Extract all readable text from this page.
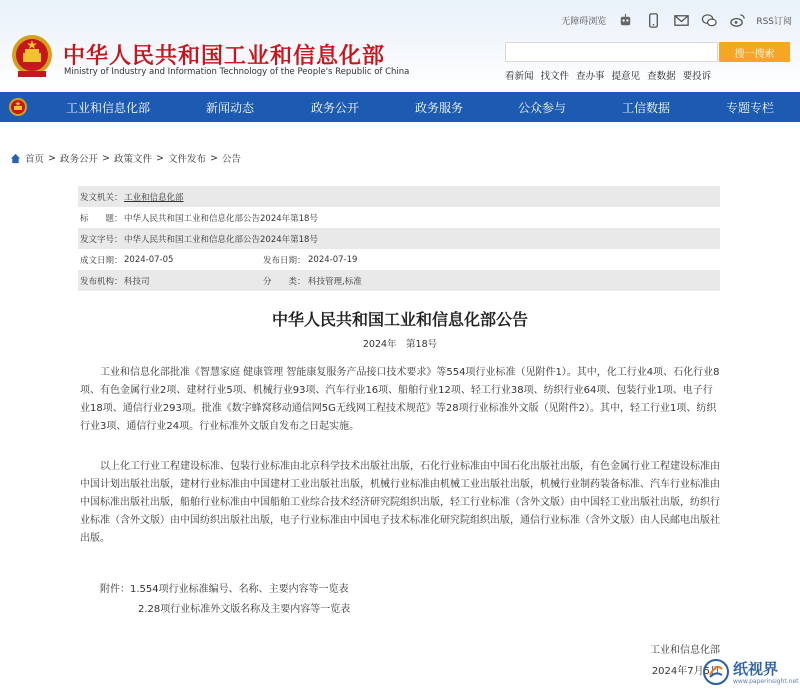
中华人民共和国工业和信息化部
Ministry of Industry and Information Technology of the People's Republic of China
无障碍浏览	RSS订阅
搜一搜索
看新闻 找文件 查办事 提意见 查数据 要投诉
工业和信息化部	新闻动态	政务公开	政务服务	公众参与	工信数据	专题专栏
首页 > 政务公开 > 政策文件 > 文件发布 > 公告
发文机关： 工业和信息化部
标　　题： 中华人民共和国工业和信息化部公告2024年第18号
发文字号： 中华人民共和国工业和信息化部公告2024年第18号
成文日期： 2024-07-05	发布日期： 2024-07-19
发布机构： 科技司	分　　类： 科技管理,标准
中华人民共和国工业和信息化部公告
2024年　第18号

工业和信息化部批准《智慧家庭 健康管理 智能康复服务产品接口技术要求》等554项行业标准（见附件1）。其中，化工行业4项、石化行业8项、有色金属行业2项、建材行业5项、机械行业93项、汽车行业16项、船舶行业12项、轻工行业38项、纺织行业64项、包装行业1项、电子行业18项、通信行业293项。批准《数字蜂窝移动通信网5G无线网工程技术规范》等28项行业标准外文版（见附件2）。其中，轻工行业1项、纺织行业3项、通信行业24项。行业标准外文版自发布之日起实施。

以上化工行业工程建设标准、包装行业标准由北京科学技术出版社出版，石化行业标准由中国石化出版社出版，有色金属行业工程建设标准由中国计划出版社出版，建材行业标准由中国建材工业出版社出版，机械行业标准由机械工业出版社出版，机械行业制药装备标准、汽车行业标准由中国标准出版社出版，船舶行业标准由中国船舶工业综合技术经济研究院组织出版，轻工行业标准（含外文版）由中国轻工业出版社出版，纺织行业标准（含外文版）由中国纺织出版社出版，电子行业标准由中国电子技术标准化研究院组织出版，通信行业标准（含外文版）由人民邮电出版社出版。

附件：1.554项行业标准编号、名称、主要内容等一览表
2.28项行业标准外文版名称及主要内容等一览表
工业和信息化部
2024年7月5日 纸视界
www.paperinsight.net
